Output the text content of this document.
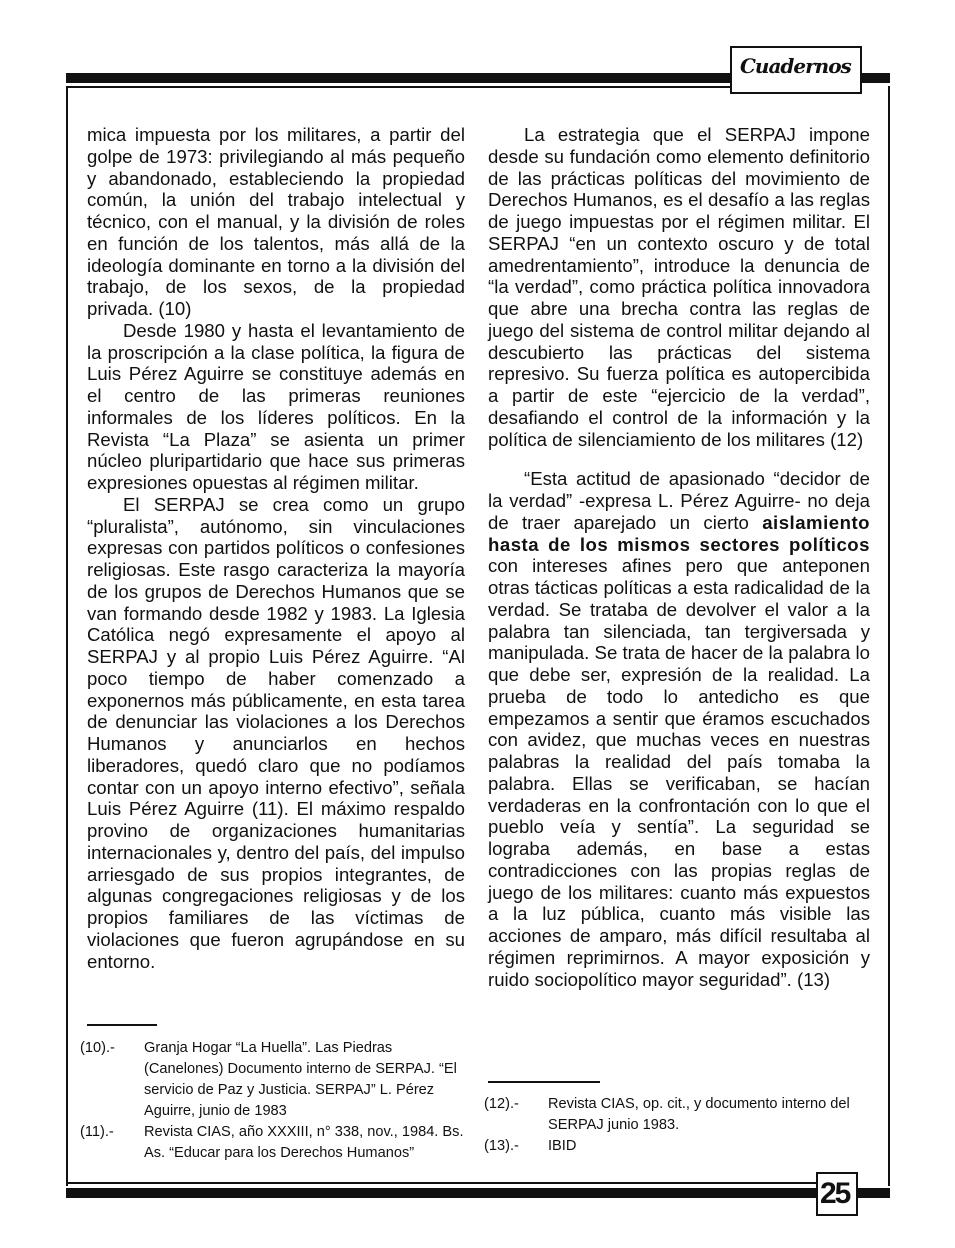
Cuadernos

mica impuesta por los militares, a partir del golpe de 1973: privilegiando al más pequeño y abandonado, estableciendo la propiedad común, la unión del trabajo intelectual y técnico, con el manual, y la división de roles en función de los talentos, más allá de la ideología dominante en torno a la división del trabajo, de los sexos, de la propiedad privada. (10)

Desde 1980 y hasta el levantamiento de la proscripción a la clase política, la figura de Luis Pérez Aguirre se constituye además en el centro de las primeras reuniones informales de los líderes políticos. En la Revista “La Plaza” se asienta un primer núcleo pluripartidario que hace sus primeras expresiones opuestas al régimen militar.

El SERPAJ se crea como un grupo “pluralista”, autónomo, sin vinculaciones expresas con partidos políticos o confesiones religiosas. Este rasgo caracteriza la mayoría de los grupos de Derechos Humanos que se van formando desde 1982 y 1983. La Iglesia Católica negó expresamente el apoyo al SERPAJ y al propio Luis Pérez Aguirre. “Al poco tiempo de haber comenzado a exponernos más públicamente, en esta tarea de denunciar las violaciones a los Derechos Humanos y anunciarlos en hechos liberadores, quedó claro que no podíamos contar con un apoyo interno efectivo”, señala Luis Pérez Aguirre (11). El máximo respaldo provino de organizaciones humanitarias internacionales y, dentro del país, del impulso arriesgado de sus propios integrantes, de algunas congregaciones religiosas y de los propios familiares de las víctimas de violaciones que fueron agrupándose en su entorno.

(10).- Granja Hogar “La Huella”. Las Piedras (Canelones) Documento interno de SERPAJ. “El servicio de Paz y Justicia. SERPAJ” L. Pérez Aguirre, junio de 1983
(11).- Revista CIAS, año XXXIII, n° 338, nov., 1984. Bs. As. “Educar para los Derechos Humanos”

La estrategia que el SERPAJ impone desde su fundación como elemento definitorio de las prácticas políticas del movimiento de Derechos Humanos, es el desafío a las reglas de juego impuestas por el régimen militar. El SERPAJ “en un contexto oscuro y de total amedrentamiento”, introduce la denuncia de “la verdad”, como práctica política innovadora que abre una brecha contra las reglas de juego del sistema de control militar dejando al descubierto las prácticas del sistema represivo. Su fuerza política es autopercibida a partir de este “ejercicio de la verdad”, desafiando el control de la información y la política de silenciamiento de los militares (12)

“Esta actitud de apasionado “decidor de la verdad” -expresa L. Pérez Aguirre- no deja de traer aparejado un cierto aislamiento hasta de los mismos sectores políticos con intereses afines pero que anteponen otras tácticas políticas a esta radicalidad de la verdad. Se trataba de devolver el valor a la palabra tan silenciada, tan tergiversada y manipulada. Se trata de hacer de la palabra lo que debe ser, expresión de la realidad. La prueba de todo lo antedicho es que empezamos a sentir que éramos escuchados con avidez, que muchas veces en nuestras palabras la realidad del país tomaba la palabra. Ellas se verificaban, se hacían verdaderas en la confrontación con lo que el pueblo veía y sentía”. La seguridad se lograba además, en base a estas contradicciones con las propias reglas de juego de los militares: cuanto más expuestos a la luz pública, cuanto más visible las acciones de amparo, más difícil resultaba al régimen reprimirnos. A mayor exposición y ruido sociopolítico mayor seguridad”. (13)

(12).- Revista CIAS, op. cit., y documento interno del SERPAJ junio 1983.
(13).- IBID
25
